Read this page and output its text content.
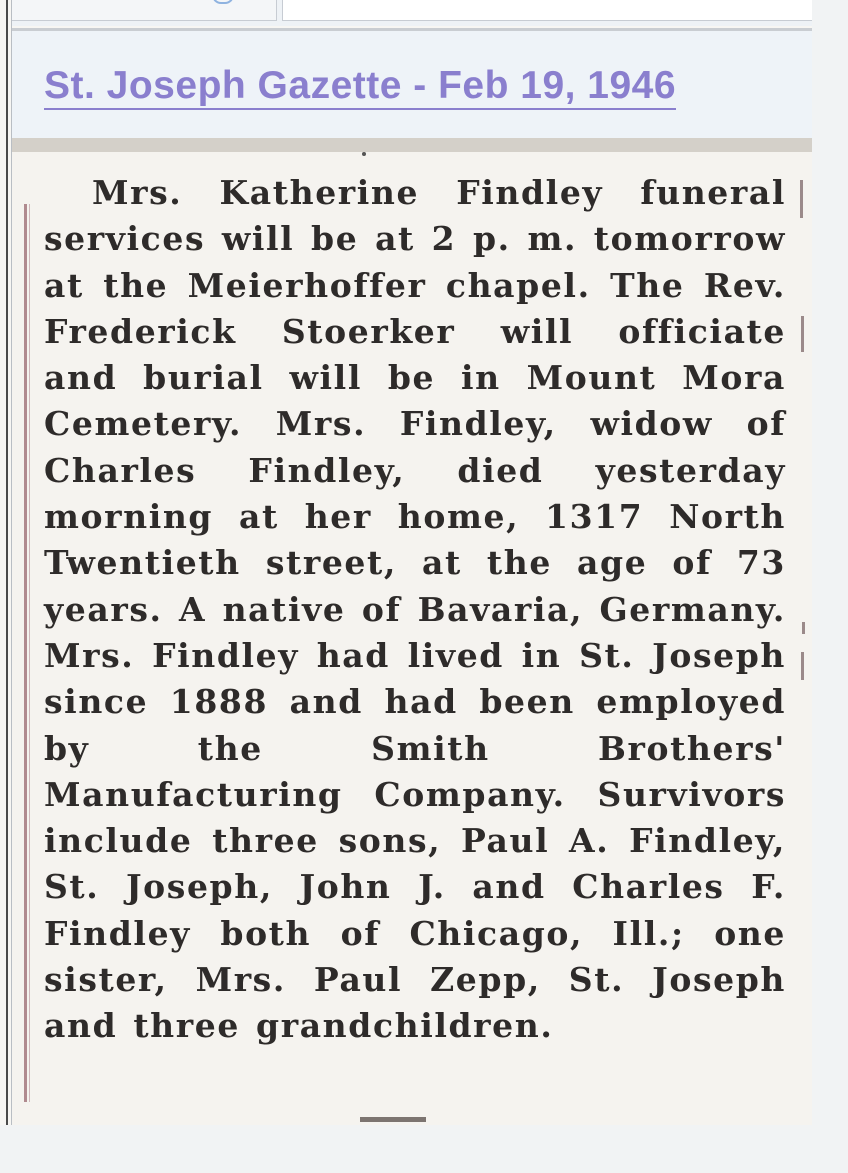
St. Joseph Gazette - Feb 19, 1946

Mrs. Katherine Findley funeral services will be at 2 p. m. tomorrow at the Meierhoffer chapel. The Rev. Frederick Stoerker will officiate and burial will be in Mount Mora Cemetery. Mrs. Findley, widow of Charles Findley, died yesterday morning at her home, 1317 North Twentieth street, at the age of 73 years. A native of Bavaria, Germany. Mrs. Findley had lived in St. Joseph since 1888 and had been employed by the Smith Brothers' Manufacturing Company. Survivors include three sons, Paul A. Findley, St. Joseph, John J. and Charles F. Findley both of Chicago, Ill.; one sister, Mrs. Paul Zepp, St. Joseph and three grandchildren.
